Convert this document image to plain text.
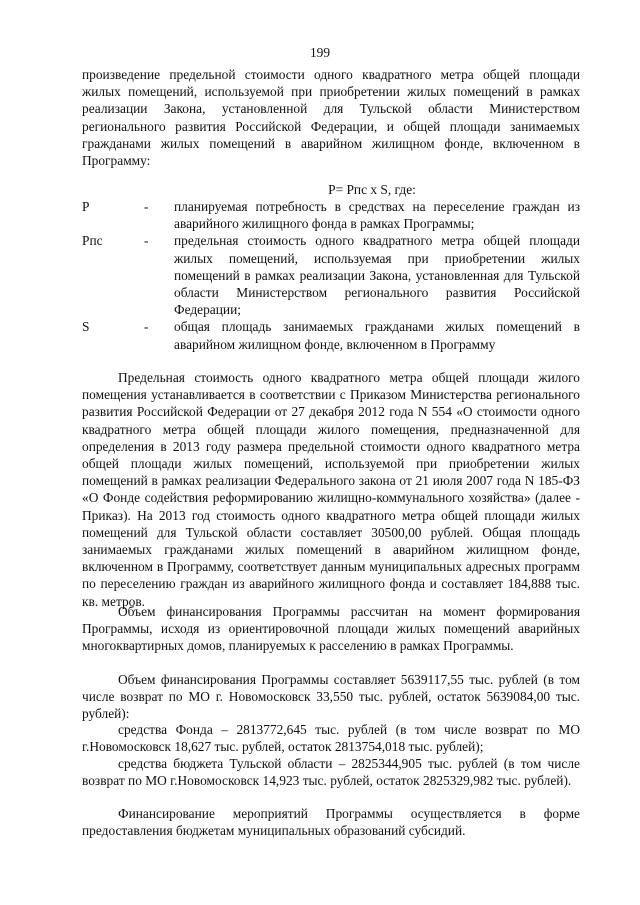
199

произведение предельной стоимости одного квадратного метра общей площади жилых помещений, используемой при приобретении жилых помещений в рамках реализации Закона, установленной для Тульской области Министерством регионального развития Российской Федерации, и общей площади занимаемых гражданами жилых помещений в аварийном жилищном фонде, включенном в Программу:

P= Рпс х S, где:
Р	-	планируемая потребность в средствах на переселение граждан из аварийного жилищного фонда в рамках Программы;
Рпс	-	предельная стоимость одного квадратного метра общей площади жилых помещений, используемая при приобретении жилых помещений в рамках реализации Закона, установленная для Тульской области Министерством регионального развития Российской Федерации;
S	-	общая площадь занимаемых гражданами жилых помещений в аварийном жилищном фонде, включенном в Программу

Предельная стоимость одного квадратного метра общей площади жилого помещения устанавливается в соответствии с Приказом Министерства регионального развития Российской Федерации от 27 декабря 2012 года N 554 «О стоимости одного квадратного метра общей площади жилого помещения, предназначенной для определения в 2013 году размера предельной стоимости одного квадратного метра общей площади жилых помещений, используемой при приобретении жилых помещений в рамках реализации Федерального закона от 21 июля 2007 года N 185-ФЗ «О Фонде содействия реформированию жилищно-коммунального хозяйства» (далее - Приказ). На 2013 год стоимость одного квадратного метра общей площади жилых помещений для Тульской области составляет 30500,00 рублей. Общая площадь занимаемых гражданами жилых помещений в аварийном жилищном фонде, включенном в Программу, соответствует данным муниципальных адресных программ по переселению граждан из аварийного жилищного фонда и составляет 184,888 тыс. кв. метров.

Объем финансирования Программы рассчитан на момент формирования Программы, исходя из ориентировочной площади жилых помещений аварийных многоквартирных домов, планируемых к расселению в рамках Программы.

Объем финансирования Программы составляет 5639117,55 тыс. рублей (в том числе возврат по МО г. Новомосковск 33,550 тыс. рублей, остаток 5639084,00 тыс. рублей):

средства Фонда – 2813772,645 тыс. рублей (в том числе возврат по МО г.Новомосковск 18,627 тыс. рублей, остаток 2813754,018 тыс. рублей);

средства бюджета Тульской области – 2825344,905 тыс. рублей (в том числе возврат по МО г.Новомосковск 14,923 тыс. рублей, остаток 2825329,982 тыс. рублей).

Финансирование мероприятий Программы осуществляется в форме предоставления бюджетам муниципальных образований субсидий.
